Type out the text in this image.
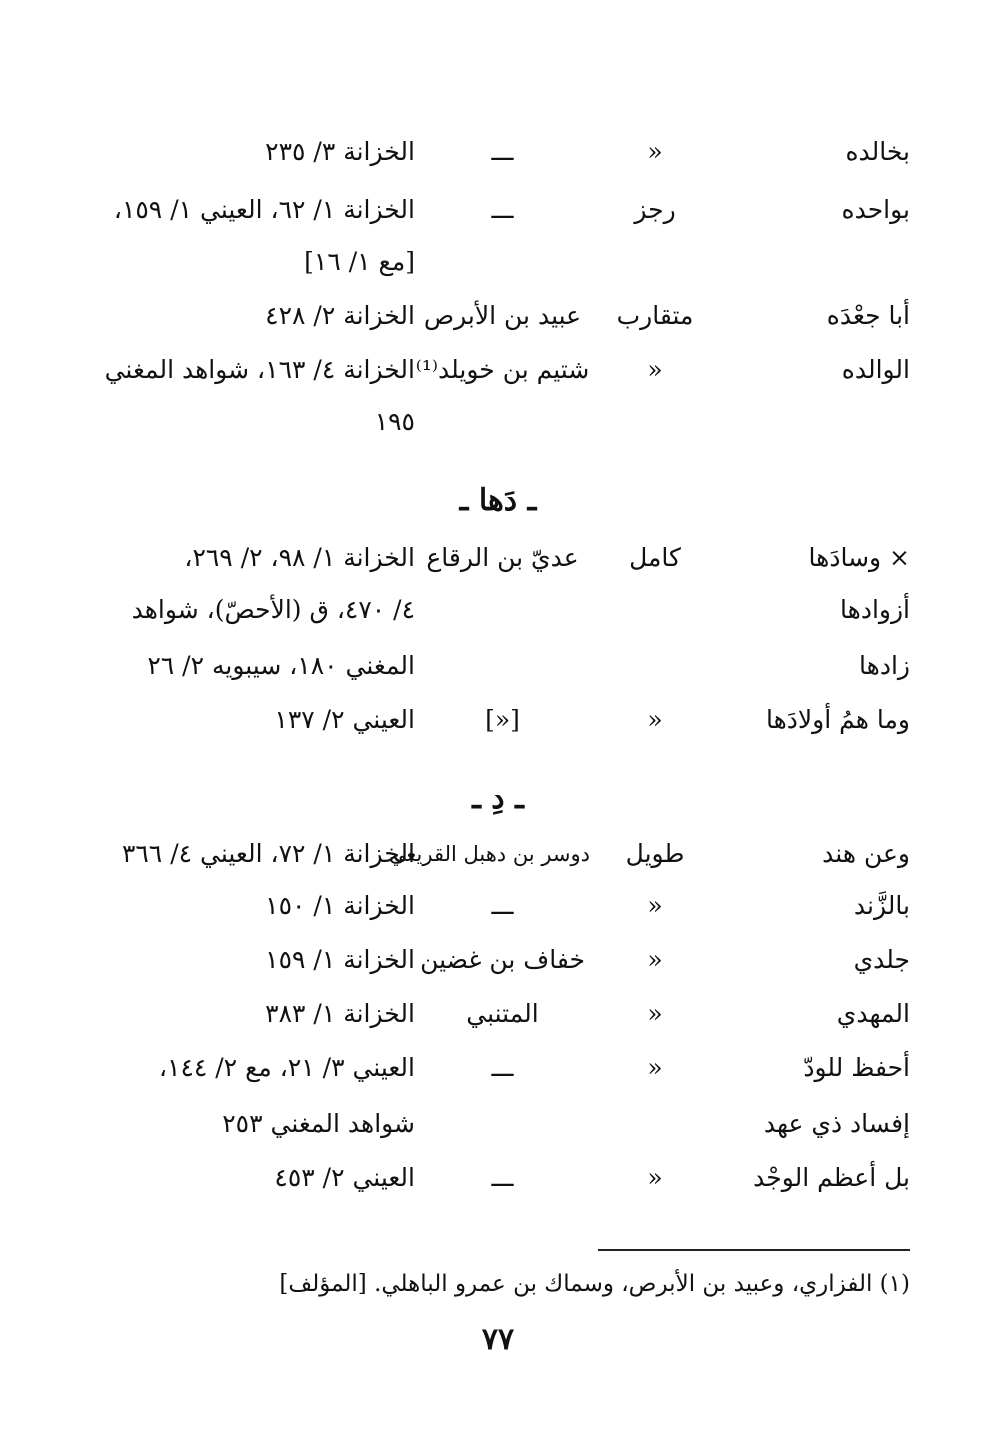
بخالده
«
ـــ
الخزانة ٣/ ٢٣٥
بواحده
رجز
ـــ
الخزانة ١/ ٦٢، العيني ١/ ١٥٩،
[مع ١/ ١٦]
أبا جعْدَه
متقارب
عبيد بن الأبرص
الخزانة ٢/ ٤٢٨
الوالده
«
شتيم بن خويلد⁽¹⁾
الخزانة ٤/ ١٦٣، شواهد المغني
١٩٥
ـ دَها ـ
× وسادَها
كامل
عديّ بن الرقاع
الخزانة ١/ ٩٨، ٢/ ٢٦٩،
أزوادها
٤/ ٤٧٠، ق (الأحصّ)، شواهد
زادها
المغني ١٨٠، سيبويه ٢/ ٢٦
وما همُ أولادَها
«
[«]
العيني ٢/ ١٣٧
ـ دِ ـ
وعن هند
طويل
دوسر بن دهبل القريعي
الخزانة ١/ ٧٢، العيني ٤/ ٣٦٦
بالزَّند
«
ـــ
الخزانة ١/ ١٥٠
جلدي
«
خفاف بن غضين
الخزانة ١/ ١٥٩
المهدي
«
المتنبي
الخزانة ١/ ٣٨٣
أحفظ للودّ
«
ـــ
العيني ٣/ ٢١، مع ٢/ ١٤٤،
إفساد ذي عهد
شواهد المغني ٢٥٣
بل أعظم الوجْد
«
ـــ
العيني ٢/ ٤٥٣
(١) الفزاري، وعبيد بن الأبرص، وسماك بن عمرو الباهلي. [المؤلف]
٧٧
